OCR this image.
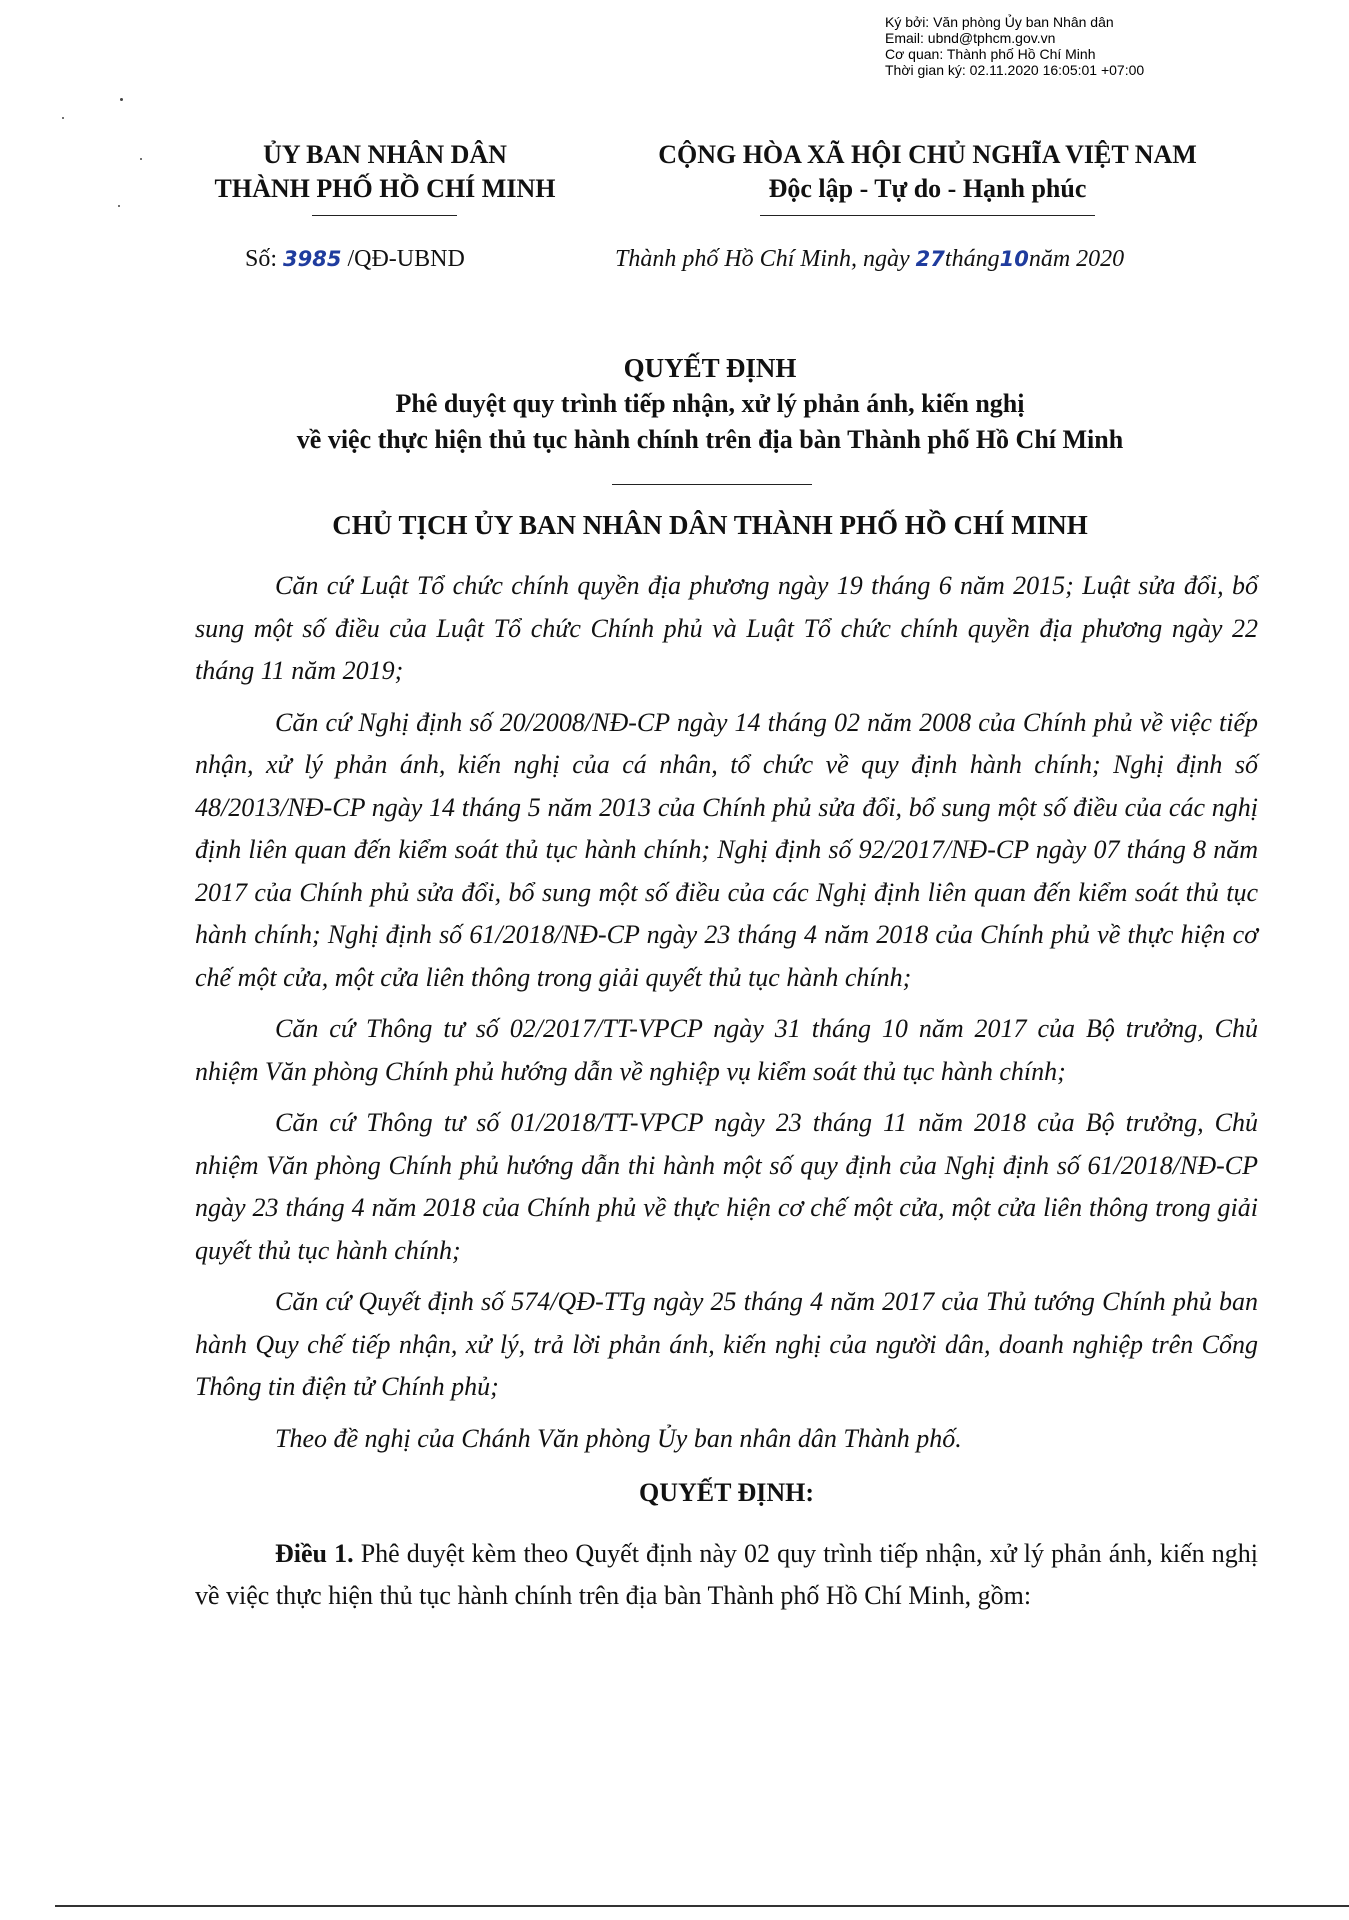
Ký bởi: Văn phòng Ủy ban Nhân dân
Email: ubnd@tphcm.gov.vn
Cơ quan: Thành phố Hồ Chí Minh
Thời gian ký: 02.11.2020 16:05:01 +07:00
ỦY BAN NHÂN DÂN
THÀNH PHỐ HỒ CHÍ MINH
CỘNG HÒA XÃ HỘI CHỦ NGHĨA VIỆT NAM
Độc lập - Tự do - Hạnh phúc
Số: 3985 /QĐ-UBND	Thành phố Hồ Chí Minh, ngày 27tháng10năm 2020
QUYẾT ĐỊNH
Phê duyệt quy trình tiếp nhận, xử lý phản ánh, kiến nghị
về việc thực hiện thủ tục hành chính trên địa bàn Thành phố Hồ Chí Minh
CHỦ TỊCH ỦY BAN NHÂN DÂN THÀNH PHỐ HỒ CHÍ MINH

Căn cứ Luật Tổ chức chính quyền địa phương ngày 19 tháng 6 năm 2015; Luật sửa đổi, bổ sung một số điều của Luật Tổ chức Chính phủ và Luật Tổ chức chính quyền địa phương ngày 22 tháng 11 năm 2019;

Căn cứ Nghị định số 20/2008/NĐ-CP ngày 14 tháng 02 năm 2008 của Chính phủ về việc tiếp nhận, xử lý phản ánh, kiến nghị của cá nhân, tổ chức về quy định hành chính; Nghị định số 48/2013/NĐ-CP ngày 14 tháng 5 năm 2013 của Chính phủ sửa đổi, bổ sung một số điều của các nghị định liên quan đến kiểm soát thủ tục hành chính; Nghị định số 92/2017/NĐ-CP ngày 07 tháng 8 năm 2017 của Chính phủ sửa đổi, bổ sung một số điều của các Nghị định liên quan đến kiểm soát thủ tục hành chính; Nghị định số 61/2018/NĐ-CP ngày 23 tháng 4 năm 2018 của Chính phủ về thực hiện cơ chế một cửa, một cửa liên thông trong giải quyết thủ tục hành chính;

Căn cứ Thông tư số 02/2017/TT-VPCP ngày 31 tháng 10 năm 2017 của Bộ trưởng, Chủ nhiệm Văn phòng Chính phủ hướng dẫn về nghiệp vụ kiểm soát thủ tục hành chính;

Căn cứ Thông tư số 01/2018/TT-VPCP ngày 23 tháng 11 năm 2018 của Bộ trưởng, Chủ nhiệm Văn phòng Chính phủ hướng dẫn thi hành một số quy định của Nghị định số 61/2018/NĐ-CP ngày 23 tháng 4 năm 2018 của Chính phủ về thực hiện cơ chế một cửa, một cửa liên thông trong giải quyết thủ tục hành chính;

Căn cứ Quyết định số 574/QĐ-TTg ngày 25 tháng 4 năm 2017 của Thủ tướng Chính phủ ban hành Quy chế tiếp nhận, xử lý, trả lời phản ánh, kiến nghị của người dân, doanh nghiệp trên Cổng Thông tin điện tử Chính phủ;

Theo đề nghị của Chánh Văn phòng Ủy ban nhân dân Thành phố.

QUYẾT ĐỊNH:

Điều 1. Phê duyệt kèm theo Quyết định này 02 quy trình tiếp nhận, xử lý phản ánh, kiến nghị về việc thực hiện thủ tục hành chính trên địa bàn Thành phố Hồ Chí Minh, gồm:
